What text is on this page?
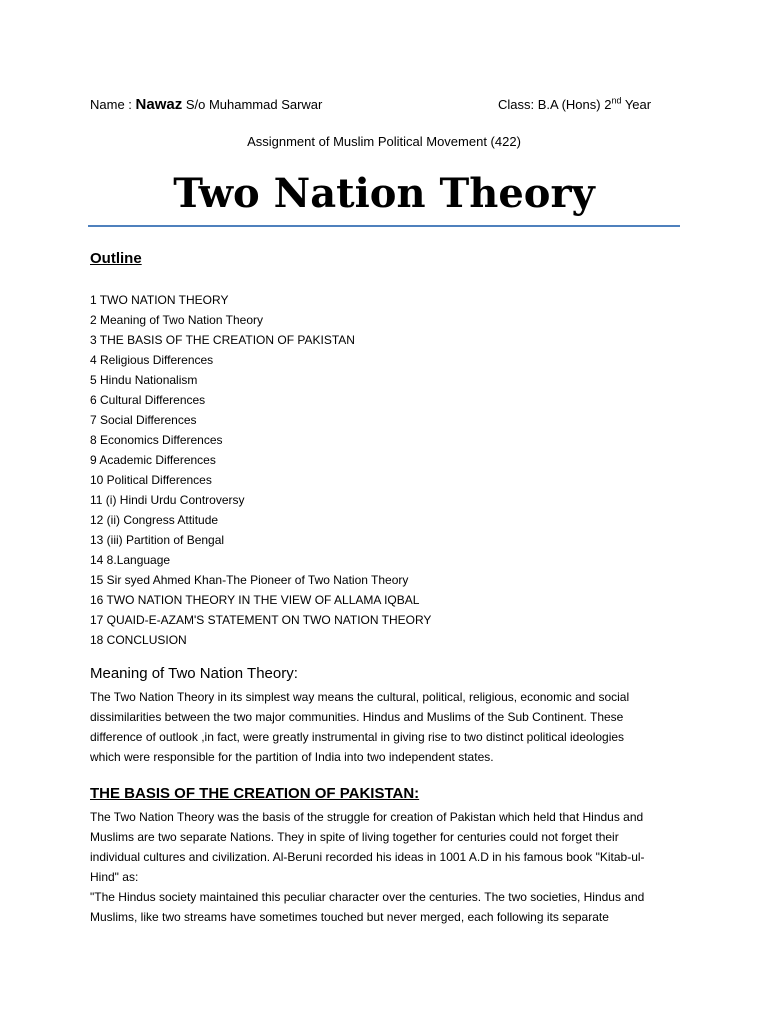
Name : Nawaz S/o Muhammad Sarwar	Class: B.A (Hons) 2nd Year
Assignment of Muslim Political Movement (422)
Two Nation Theory
Outline
1 TWO NATION THEORY
2 Meaning of Two Nation Theory
3 THE BASIS OF THE CREATION OF PAKISTAN
4 Religious Differences
5 Hindu Nationalism
6 Cultural Differences
7 Social Differences
8 Economics Differences
9 Academic Differences
10 Political Differences
11 (i) Hindi Urdu Controversy
12 (ii) Congress Attitude
13 (iii) Partition of Bengal
14 8.Language
15 Sir syed Ahmed Khan-The Pioneer of Two Nation Theory
16 TWO NATION THEORY IN THE VIEW OF ALLAMA IQBAL
17 QUAID-E-AZAM'S STATEMENT ON TWO NATION THEORY
18 CONCLUSION
Meaning of Two Nation Theory:

The Two Nation Theory in its simplest way means the cultural, political, religious, economic and social
dissimilarities between the two major communities. Hindus and Muslims of the Sub Continent. These
difference of outlook ,in fact, were greatly instrumental in giving rise to two distinct political ideologies
which were responsible for the partition of India into two independent states.

THE BASIS OF THE CREATION OF PAKISTAN:

The Two Nation Theory was the basis of the struggle for creation of Pakistan which held that Hindus and
Muslims are two separate Nations. They in spite of living together for centuries could not forget their
individual cultures and civilization. Al-Beruni recorded his ideas in 1001 A.D in his famous book "Kitab-ul-
Hind" as:
"The Hindus society maintained this peculiar character over the centuries. The two societies, Hindus and
Muslims, like two streams have sometimes touched but never merged, each following its separate
